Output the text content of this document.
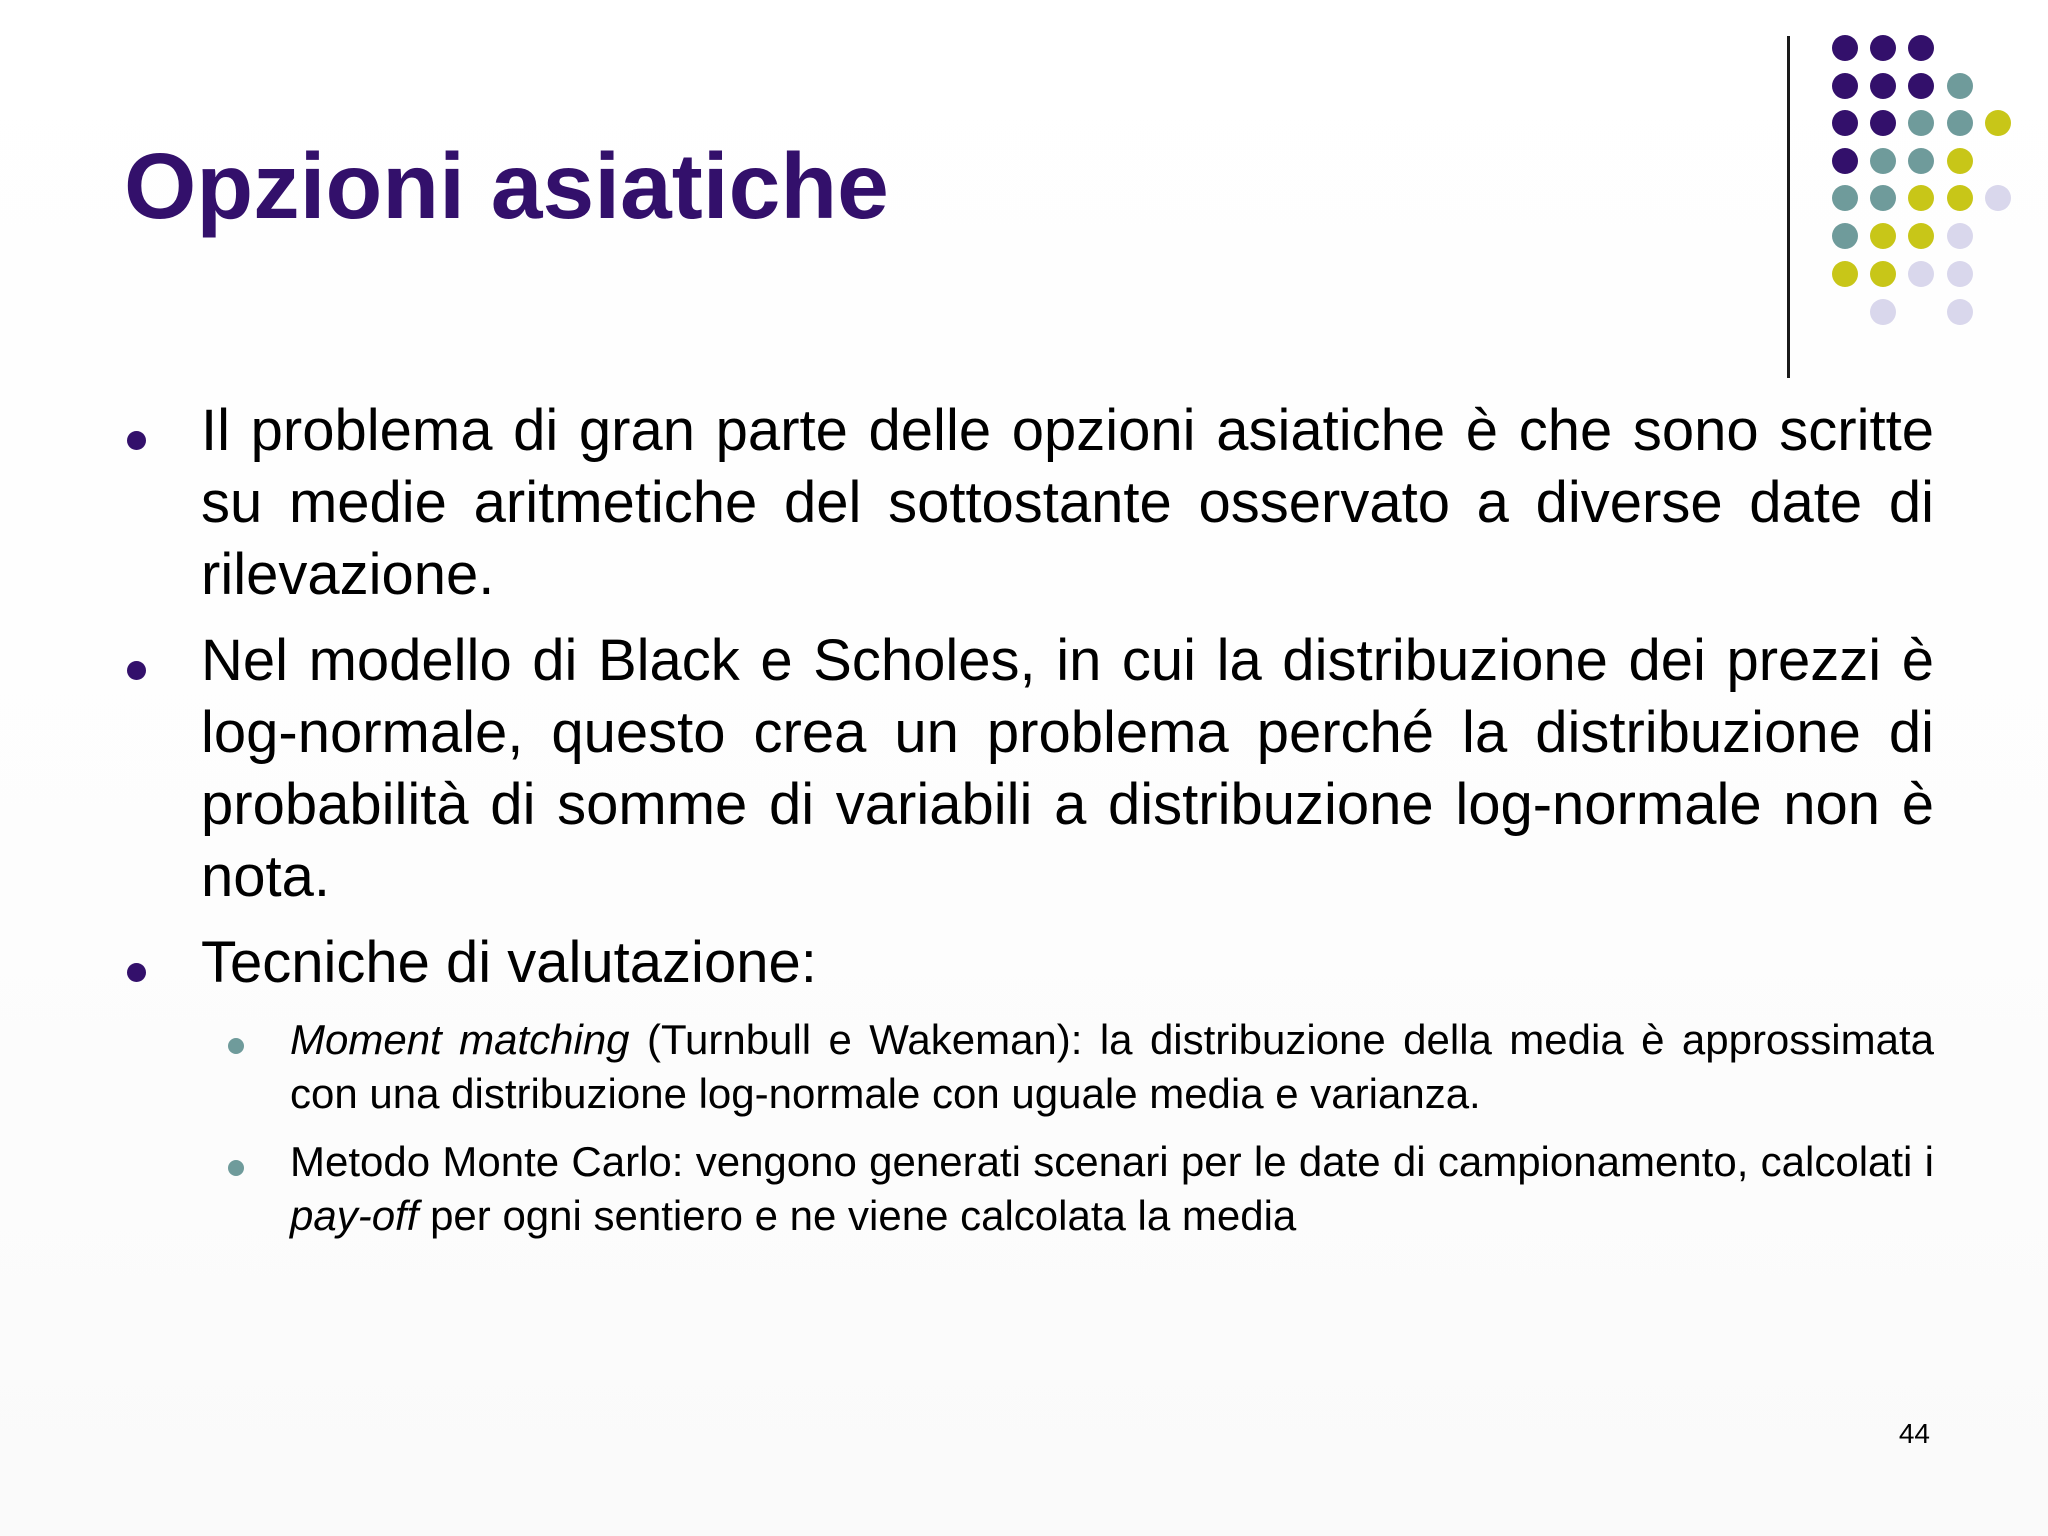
Opzioni asiatiche
Il problema di gran parte delle opzioni asiatiche è che sono scritte su medie aritmetiche del sottostante osservato a diverse date di rilevazione.
Nel modello di Black e Scholes, in cui la distribuzione dei prezzi è log-normale, questo crea un problema perché la distribuzione di probabilità di somme di variabili a distribuzione log-normale non è nota.
Tecniche di valutazione:
Moment matching (Turnbull e Wakeman): la distribuzione della media è approssimata con una distribuzione log-normale con uguale media e varianza.
Metodo Monte Carlo: vengono generati scenari per le date di campionamento, calcolati i pay-off per ogni sentiero e ne viene calcolata la media
44
